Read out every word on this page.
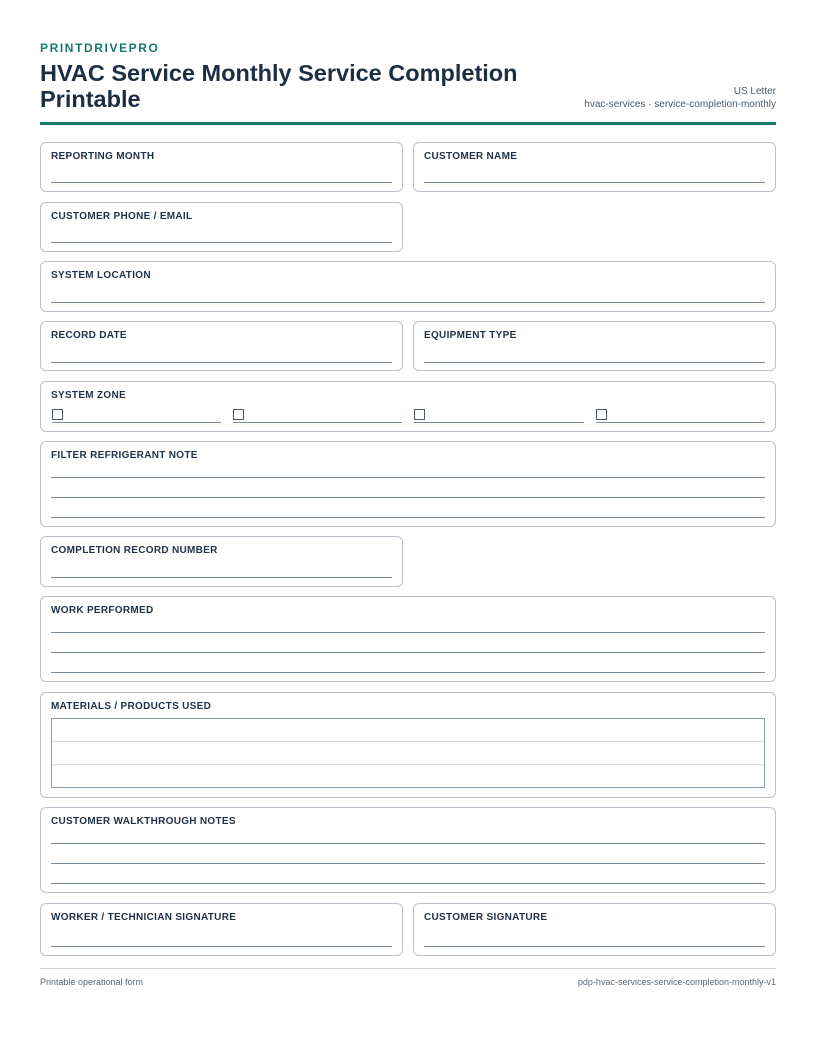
PRINTDRIVEPRO
HVAC Service Monthly Service Completion Printable	US Letter
hvac-services · service-completion-monthly
REPORTING MONTH	CUSTOMER NAME
CUSTOMER PHONE / EMAIL
SYSTEM LOCATION
RECORD DATE	EQUIPMENT TYPE
SYSTEM ZONE
FILTER REFRIGERANT NOTE
COMPLETION RECORD NUMBER
WORK PERFORMED
MATERIALS / PRODUCTS USED
CUSTOMER WALKTHROUGH NOTES
WORKER / TECHNICIAN SIGNATURE	CUSTOMER SIGNATURE
Printable operational form	pdp-hvac-services-service-completion-monthly-v1
